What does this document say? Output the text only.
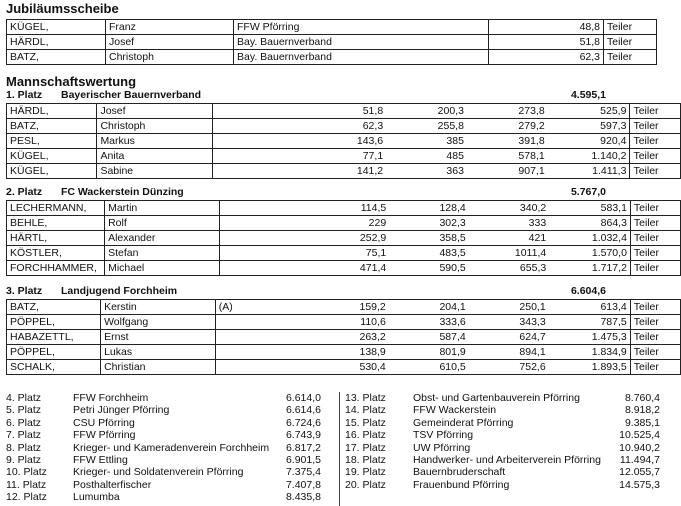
Jubiläumsscheibe
KÜGEL,	Franz	FFW Pförring	48,8	Teiler
HÄRDL,	Josef	Bay. Bauernverband	51,8	Teiler
BATZ,	Christoph	Bay. Bauernverband	62,3	Teiler
Mannschaftswertung
1. Platz Bayerischer Bauernverband	4.595,1
HÄRDL,	Josef		51,8	200,3	273,8	525,9	Teiler
BATZ,	Christoph		62,3	255,8	279,2	597,3	Teiler
PESL,	Markus		143,6	385	391,8	920,4	Teiler
KÜGEL,	Anita		77,1	485	578,1	1.140,2	Teiler
KÜGEL,	Sabine		141,2	363	907,1	1.411,3	Teiler
2. Platz FC Wackerstein Dünzing	5.767,0
LECHERMANN,	Martin		114,5	128,4	340,2	583,1	Teiler
BEHLE,	Rolf		229	302,3	333	864,3	Teiler
HÄRTL,	Alexander		252,9	358,5	421	1.032,4	Teiler
KÖSTLER,	Stefan		75,1	483,5	1011,4	1.570,0	Teiler
FORCHHAMMER,	Michael		471,4	590,5	655,3	1.717,2	Teiler
3. Platz Landjugend Forchheim	6.604,6
BATZ,	Kerstin	(A)	159,2	204,1	250,1	613,4	Teiler
PÖPPEL,	Wolfgang		110,6	333,6	343,3	787,5	Teiler
HABAZETTL,	Ernst		263,2	587,4	624,7	1.475,3	Teiler
PÖPPEL,	Lukas		138,9	801,9	894,1	1.834,9	Teiler
SCHALK,	Christian		530,4	610,5	752,6	1.893,5	Teiler
4. Platz	FFW Forchheim	6.614,0
5. Platz	Petri Jünger Pförring	6.614,6
6. Platz	CSU Pförring	6.724,6
7. Platz	FFW Pförring	6.743,9
8. Platz	Krieger- und Kameradenverein Forchheim 6.817,2
9. Platz	FFW Ettling	6.901,5
10. Platz Krieger- und Soldatenverein Pförring	7.375,4
11. Platz	Posthalterfischer	7.407,8
12. Platz Lumumba	8.435,8
13. Platz	Obst- und Gartenbauverein Pförring	8.760,4
14. Platz	FFW Wackerstein	8.918,2
15. Platz	Gemeinderat Pförring	9.385,1
16. Platz	TSV Pförring	10.525,4
17. Platz	UW Pförring	10.940,2
18. Platz	Handwerker- und Arbeiterverein Pförring 11.494,7
19. Platz	Bauernbruderschaft	12.055,7
20. Platz	Frauenbund Pförring	14.575,3
